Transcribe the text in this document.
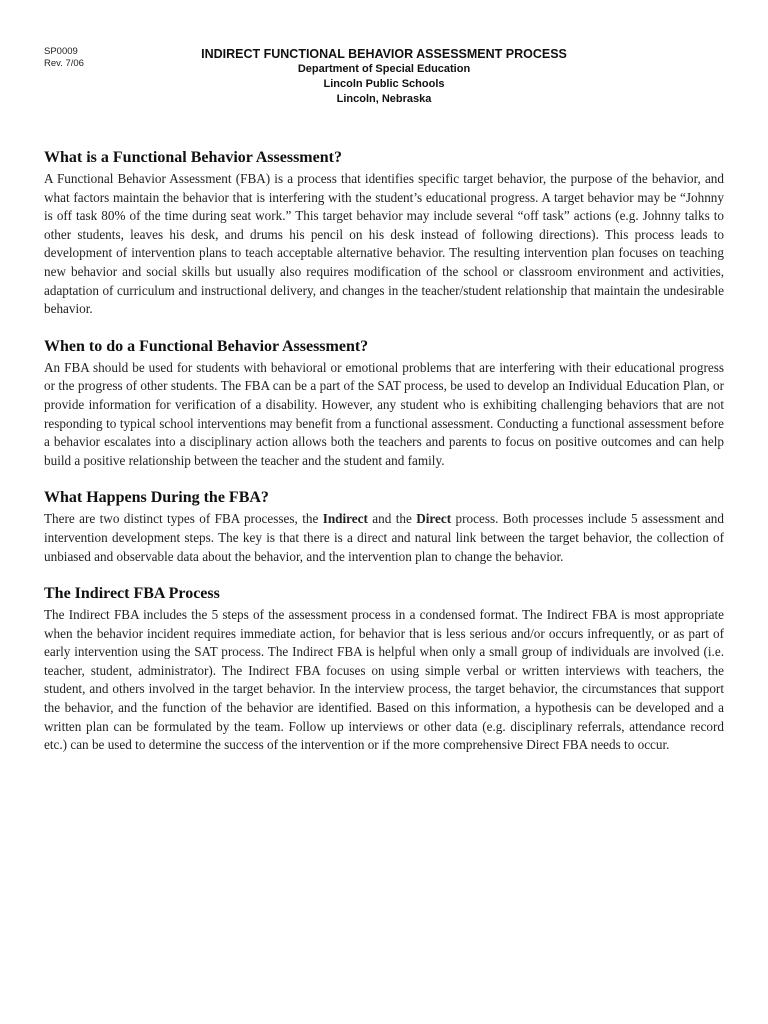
SP0009
Rev. 7/06
INDIRECT FUNCTIONAL BEHAVIOR ASSESSMENT PROCESS
Department of Special Education
Lincoln Public Schools
Lincoln, Nebraska
What is a Functional Behavior Assessment?

A Functional Behavior Assessment (FBA) is a process that identifies specific target behavior, the purpose of the behavior, and what factors maintain the behavior that is interfering with the student’s educational progress. A target behavior may be “Johnny is off task 80% of the time during seat work.” This target behavior may include several “off task” actions (e.g. Johnny talks to other students, leaves his desk, and drums his pencil on his desk instead of following directions). This process leads to development of intervention plans to teach acceptable alternative behavior. The resulting intervention plan focuses on teaching new behavior and social skills but usually also requires modification of the school or classroom environment and activities, adaptation of curriculum and instructional delivery, and changes in the teacher/student relationship that maintain the undesirable behavior.

When to do a Functional Behavior Assessment?

An FBA should be used for students with behavioral or emotional problems that are interfering with their educational progress or the progress of other students. The FBA can be a part of the SAT process, be used to develop an Individual Education Plan, or provide information for verification of a disability. However, any student who is exhibiting challenging behaviors that are not responding to typical school interventions may benefit from a functional assessment. Conducting a functional assessment before a behavior escalates into a disciplinary action allows both the teachers and parents to focus on positive outcomes and can help build a positive relationship between the teacher and the student and family.

What Happens During the FBA?

There are two distinct types of FBA processes, the Indirect and the Direct process. Both processes include 5 assessment and intervention development steps. The key is that there is a direct and natural link between the target behavior, the collection of unbiased and observable data about the behavior, and the intervention plan to change the behavior.

The Indirect FBA Process

The Indirect FBA includes the 5 steps of the assessment process in a condensed format. The Indirect FBA is most appropriate when the behavior incident requires immediate action, for behavior that is less serious and/or occurs infrequently, or as part of early intervention using the SAT process. The Indirect FBA is helpful when only a small group of individuals are involved (i.e. teacher, student, administrator). The Indirect FBA focuses on using simple verbal or written interviews with teachers, the student, and others involved in the target behavior. In the interview process, the target behavior, the circumstances that support the behavior, and the function of the behavior are identified. Based on this information, a hypothesis can be developed and a written plan can be formulated by the team. Follow up interviews or other data (e.g. disciplinary referrals, attendance record etc.) can be used to determine the success of the intervention or if the more comprehensive Direct FBA needs to occur.
